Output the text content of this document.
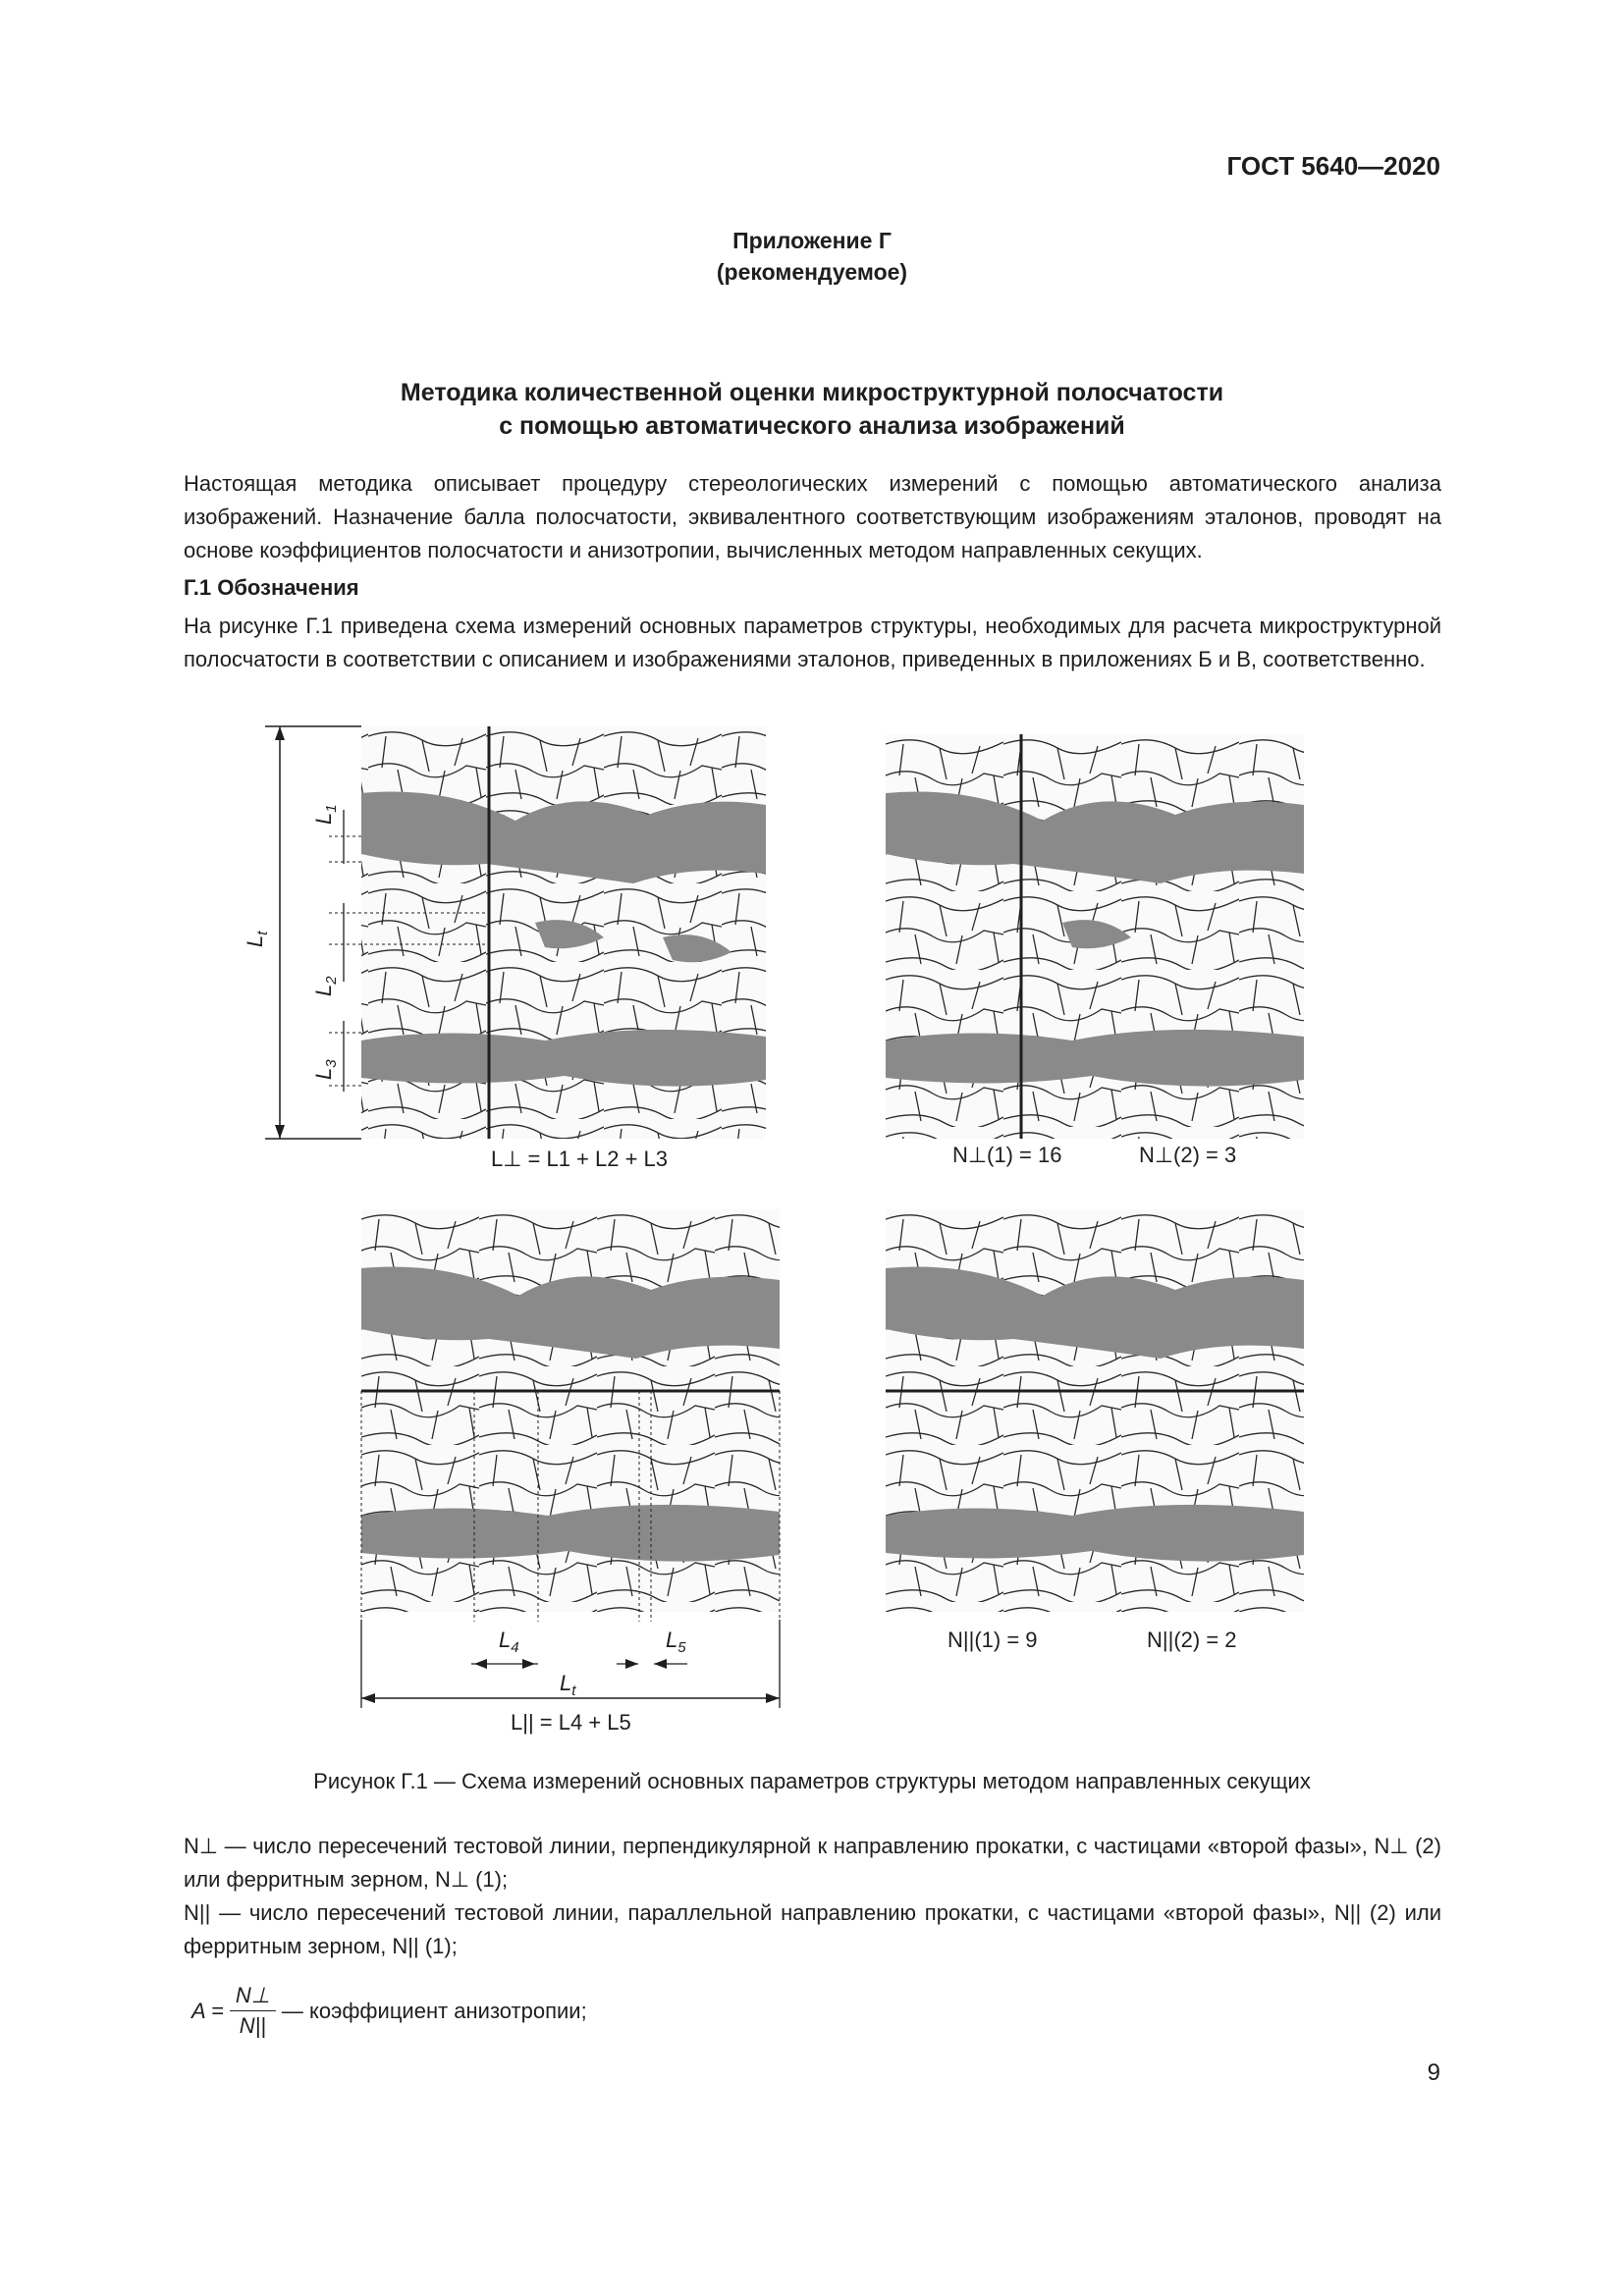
ГОСТ 5640—2020
Приложение Г
(рекомендуемое)
Методика количественной оценки микроструктурной полосчатости
с помощью автоматического анализа изображений
Настоящая методика описывает процедуру стереологических измерений с помощью автоматического анализа изображений. Назначение балла полосчатости, эквивалентного соответствующим изображениям эталонов, проводят на основе коэффициентов полосчатости и анизотропии, вычисленных методом направленных секущих.
Г.1 Обозначения
На рисунке Г.1 приведена схема измерений основных параметров структуры, необходимых для расчета микроструктурной полосчатости в соответствии с описанием и изображениями эталонов, приведенных в приложениях Б и В, соответственно.
$L_t$
$L_1$
$L_2$
$L_3$
$L_4$	$L_5$
$L_t$
L⊥ = L1 + L2 + L3	N⊥(1) = 16	N⊥(2) = 3
N||(1) = 9	N||(2) = 2
L|| = L4 + L5
Рисунок Г.1 — Схема измерений основных параметров структуры методом направленных секущих
N⊥ — число пересечений тестовой линии, перпендикулярной к направлению прокатки, с частицами «второй фазы», N⊥ (2) или ферритным зерном, N⊥ (1);
N|| — число пересечений тестовой линии, параллельной направлению прокатки, с частицами «второй фазы», N|| (2) или ферритным зерном, N|| (1);
$A = \frac{N\perp}{N||}$ — коэффициент анизотропии;
9
